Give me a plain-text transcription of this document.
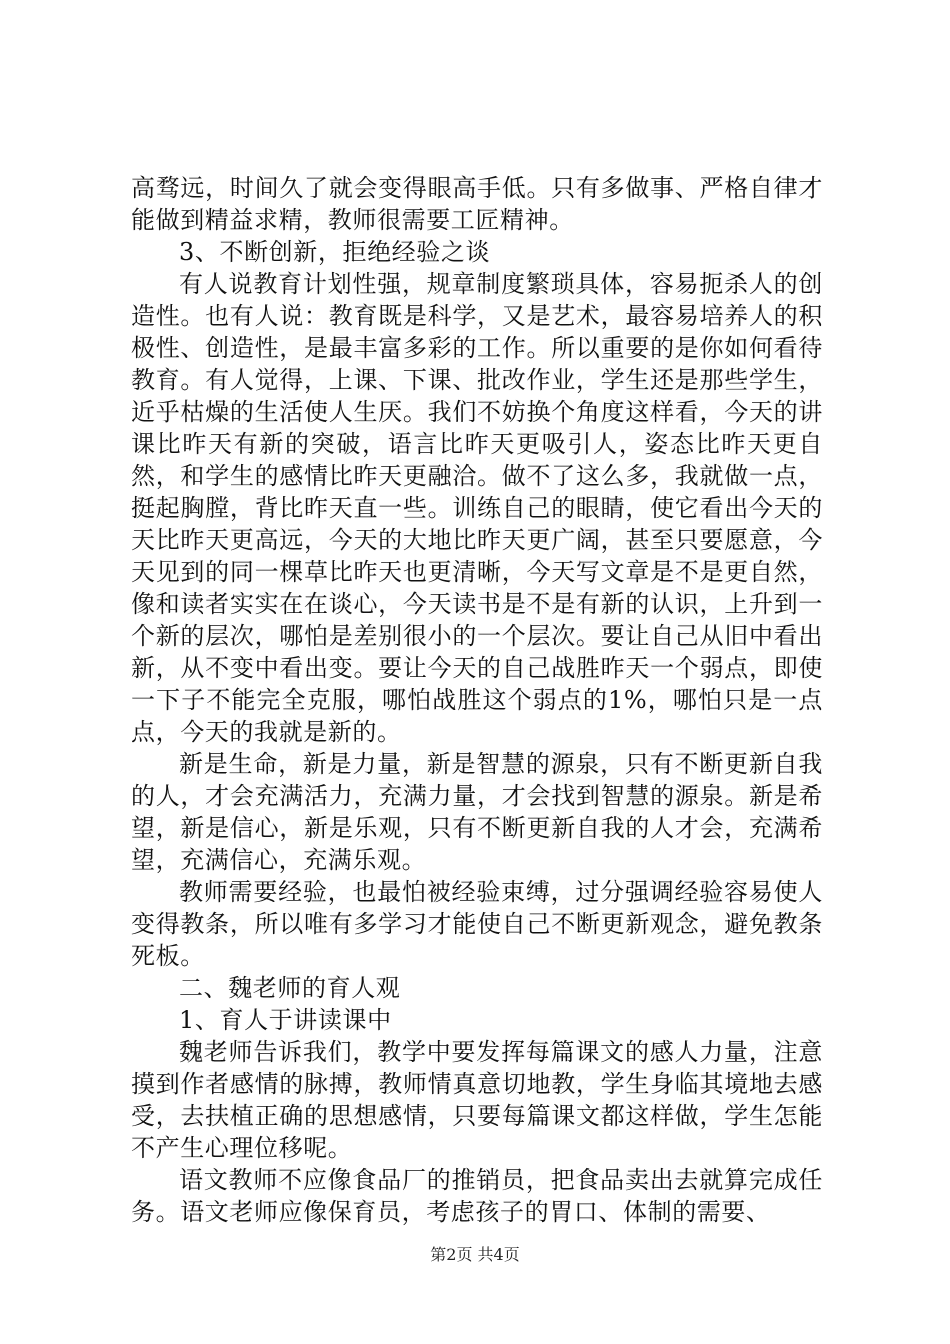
高骛远，时间久了就会变得眼高手低。只有多做事、严格自律才能做到精益求精，教师很需要工匠精神。

3、不断创新，拒绝经验之谈

有人说教育计划性强，规章制度繁琐具体，容易扼杀人的创造性。也有人说：教育既是科学，又是艺术，最容易培养人的积极性、创造性，是最丰富多彩的工作。所以重要的是你如何看待教育。有人觉得，上课、下课、批改作业，学生还是那些学生，近乎枯燥的生活使人生厌。我们不妨换个角度这样看，今天的讲课比昨天有新的突破，语言比昨天更吸引人，姿态比昨天更自然，和学生的感情比昨天更融洽。做不了这么多，我就做一点，挺起胸膛，背比昨天直一些。训练自己的眼睛，使它看出今天的天比昨天更高远，今天的大地比昨天更广阔，甚至只要愿意，今天见到的同一棵草比昨天也更清晰，今天写文章是不是更自然，像和读者实实在在谈心，今天读书是不是有新的认识，上升到一个新的层次，哪怕是差别很小的一个层次。要让自己从旧中看出新，从不变中看出变。要让今天的自己战胜昨天一个弱点，即使一下子不能完全克服，哪怕战胜这个弱点的1%，哪怕只是一点点，今天的我就是新的。

新是生命，新是力量，新是智慧的源泉，只有不断更新自我的人，才会充满活力，充满力量，才会找到智慧的源泉。新是希望，新是信心，新是乐观，只有不断更新自我的人才会，充满希望，充满信心，充满乐观。

教师需要经验，也最怕被经验束缚，过分强调经验容易使人变得教条，所以唯有多学习才能使自己不断更新观念，避免教条死板。

二、魏老师的育人观

1、育人于讲读课中

魏老师告诉我们，教学中要发挥每篇课文的感人力量，注意摸到作者感情的脉搏，教师情真意切地教，学生身临其境地去感受，去扶植正确的思想感情，只要每篇课文都这样做，学生怎能不产生心理位移呢。

语文教师不应像食品厂的推销员，把食品卖出去就算完成任务。语文老师应像保育员，考虑孩子的胃口、体制的需要、

第2页 共4页
